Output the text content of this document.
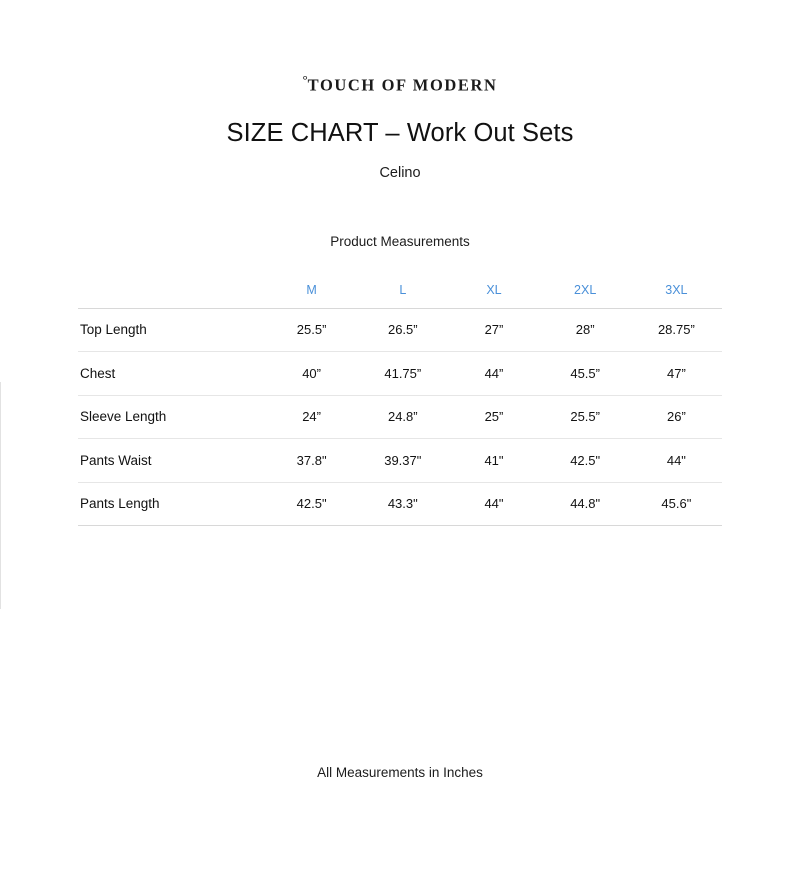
°TOUCH OF MODERN
SIZE CHART – Work Out Sets
Celino
Product Measurements
	M	L	XL	2XL	3XL
Top Length	25.5”	26.5”	27”	28”	28.75”
Chest	40”	41.75”	44”	45.5”	47”
Sleeve Length	24”	24.8”	25”	25.5”	26”
Pants Waist	37.8"	39.37"	41"	42.5"	44"
Pants Length	42.5"	43.3"	44"	44.8"	45.6"
All Measurements in Inches
